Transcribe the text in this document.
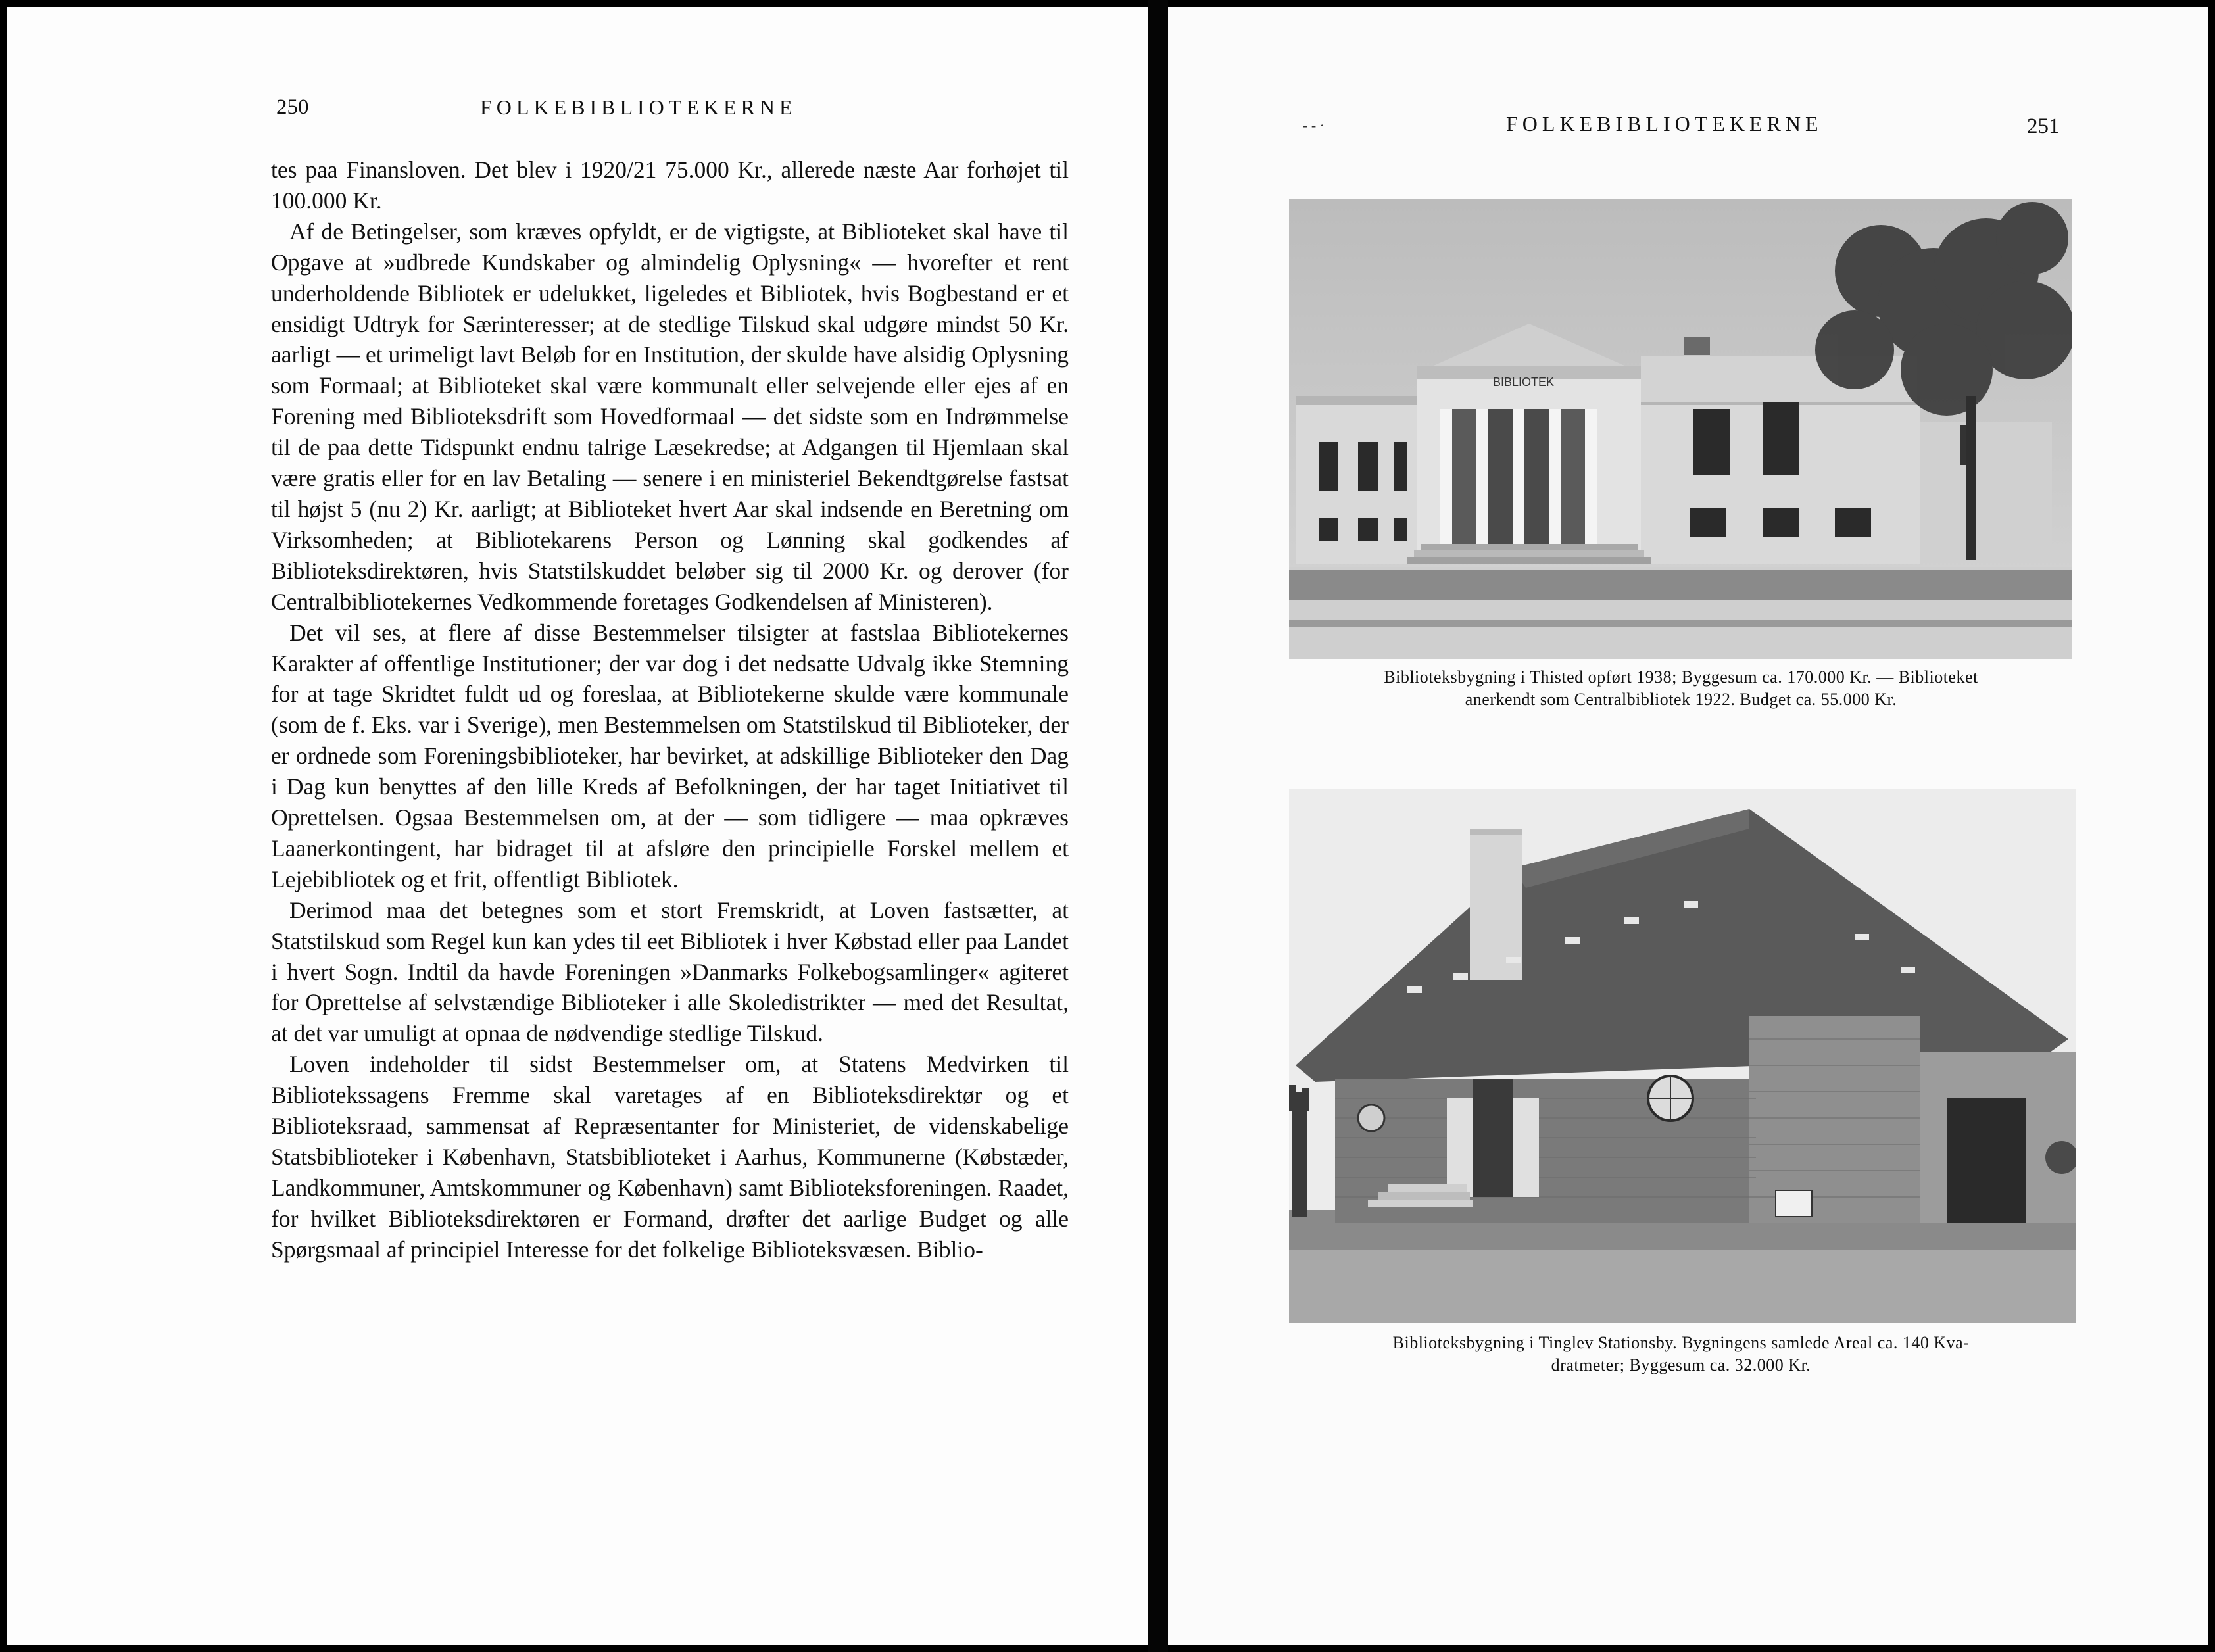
250	FOLKEBIBLIOTEKERNE

tes paa Finansloven. Det blev i 1920/21 75.000 Kr., allerede næste Aar forhøjet til 100.000 Kr.

Af de Betingelser, som kræves opfyldt, er de vigtigste, at Biblioteket skal have til Opgave at »udbrede Kundskaber og almindelig Oplysning« — hvorefter et rent underholdende Bibliotek er udelukket, ligeledes et Bibliotek, hvis Bogbestand er et ensidigt Udtryk for Særinteresser; at de stedlige Tilskud skal udgøre mindst 50 Kr. aarligt — et urimeligt lavt Beløb for en Institution, der skulde have alsidig Oplysning som Formaal; at Biblioteket skal være kommunalt eller selvejende eller ejes af en Forening med Biblioteksdrift som Hovedformaal — det sidste som en Indrømmelse til de paa dette Tidspunkt endnu talrige Læsekredse; at Adgangen til Hjemlaan skal være gratis eller for en lav Betaling — senere i en ministeriel Bekendtgørelse fastsat til højst 5 (nu 2) Kr. aarligt; at Biblioteket hvert Aar skal indsende en Beretning om Virksomheden; at Bibliotekarens Person og Lønning skal godkendes af Biblioteksdirektøren, hvis Statstilskuddet beløber sig til 2000 Kr. og derover (for Centralbibliotekernes Vedkommende foretages Godkendelsen af Ministeren).

Det vil ses, at flere af disse Bestemmelser tilsigter at fastslaa Bibliotekernes Karakter af offentlige Institutioner; der var dog i det nedsatte Udvalg ikke Stemning for at tage Skridtet fuldt ud og foreslaa, at Bibliotekerne skulde være kommunale (som de f. Eks. var i Sverige), men Bestemmelsen om Statstilskud til Biblioteker, der er ordnede som Foreningsbiblioteker, har bevirket, at adskillige Biblioteker den Dag i Dag kun benyttes af den lille Kreds af Befolkningen, der har taget Initiativet til Oprettelsen. Ogsaa Bestemmelsen om, at der — som tidligere — maa opkræves Laanerkontingent, har bidraget til at afsløre den principielle Forskel mellem et Lejebibliotek og et frit, offentligt Bibliotek.

Derimod maa det betegnes som et stort Fremskridt, at Loven fastsætter, at Statstilskud som Regel kun kan ydes til eet Bibliotek i hver Købstad eller paa Landet i hvert Sogn. Indtil da havde Foreningen »Danmarks Folkebogsamlinger« agiteret for Oprettelse af selvstændige Biblioteker i alle Skoledistrikter — med det Resultat, at det var umuligt at opnaa de nødvendige stedlige Tilskud.

Loven indeholder til sidst Bestemmelser om, at Statens Medvirken til Bibliotekssagens Fremme skal varetages af en Biblioteksdirektør og et Biblioteksraad, sammensat af Repræsentanter for Ministeriet, de videnskabelige Statsbiblioteker i København, Statsbiblioteket i Aarhus, Kommunerne (Købstæder, Landkommuner, Amtskommuner og København) samt Biblioteksforeningen. Raadet, for hvilket Biblioteksdirektøren er Formand, drøfter det aarlige Budget og alle Spørgsmaal af principiel Interesse for det folkelige Biblioteksvæsen. Biblio-

- - ·	FOLKEBIBLIOTEKERNE	251
BIBLIOTEK
Biblioteksbygning i Thisted opført 1938; Byggesum ca. 170.000 Kr. — Biblioteket
anerkendt som Centralbibliotek 1922. Budget ca. 55.000 Kr.
Biblioteksbygning i Tinglev Stationsby. Bygningens samlede Areal ca. 140 Kva-
dratmeter; Byggesum ca. 32.000 Kr.
